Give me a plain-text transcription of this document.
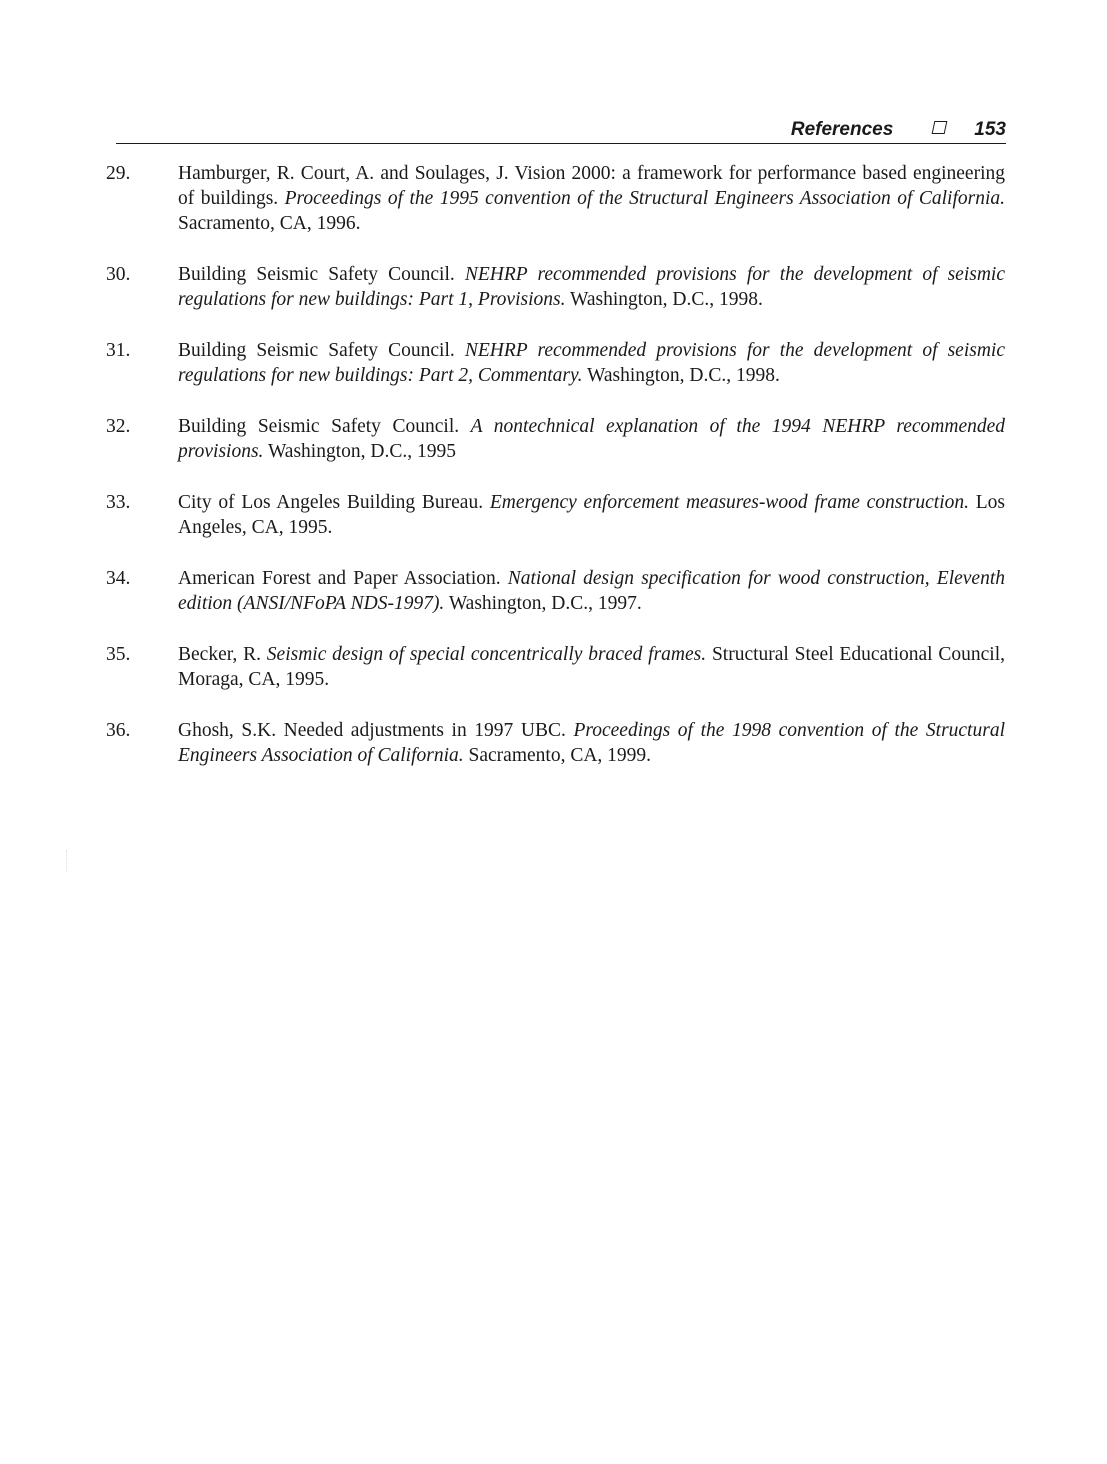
References	153
29. Hamburger, R. Court, A. and Soulages, J. Vision 2000: a framework for performance based engineering of buildings. Proceedings of the 1995 convention of the Structural Engineers Association of California. Sacramento, CA, 1996.
30. Building Seismic Safety Council. NEHRP recommended provisions for the development of seismic regulations for new buildings: Part 1, Provisions. Washington, D.C., 1998.
31. Building Seismic Safety Council. NEHRP recommended provisions for the development of seismic regulations for new buildings: Part 2, Commentary. Washington, D.C., 1998.
32. Building Seismic Safety Council. A nontechnical explanation of the 1994 NEHRP recommended provisions. Washington, D.C., 1995
33. City of Los Angeles Building Bureau. Emergency enforcement measures-wood frame construction. Los Angeles, CA, 1995.
34. American Forest and Paper Association. National design specification for wood construction, Eleventh edition (ANSI/NFoPA NDS-1997). Washington, D.C., 1997.
35. Becker, R. Seismic design of special concentrically braced frames. Structural Steel Educational Council, Moraga, CA, 1995.
36. Ghosh, S.K. Needed adjustments in 1997 UBC. Proceedings of the 1998 convention of the Structural Engineers Association of California. Sacramento, CA, 1999.
